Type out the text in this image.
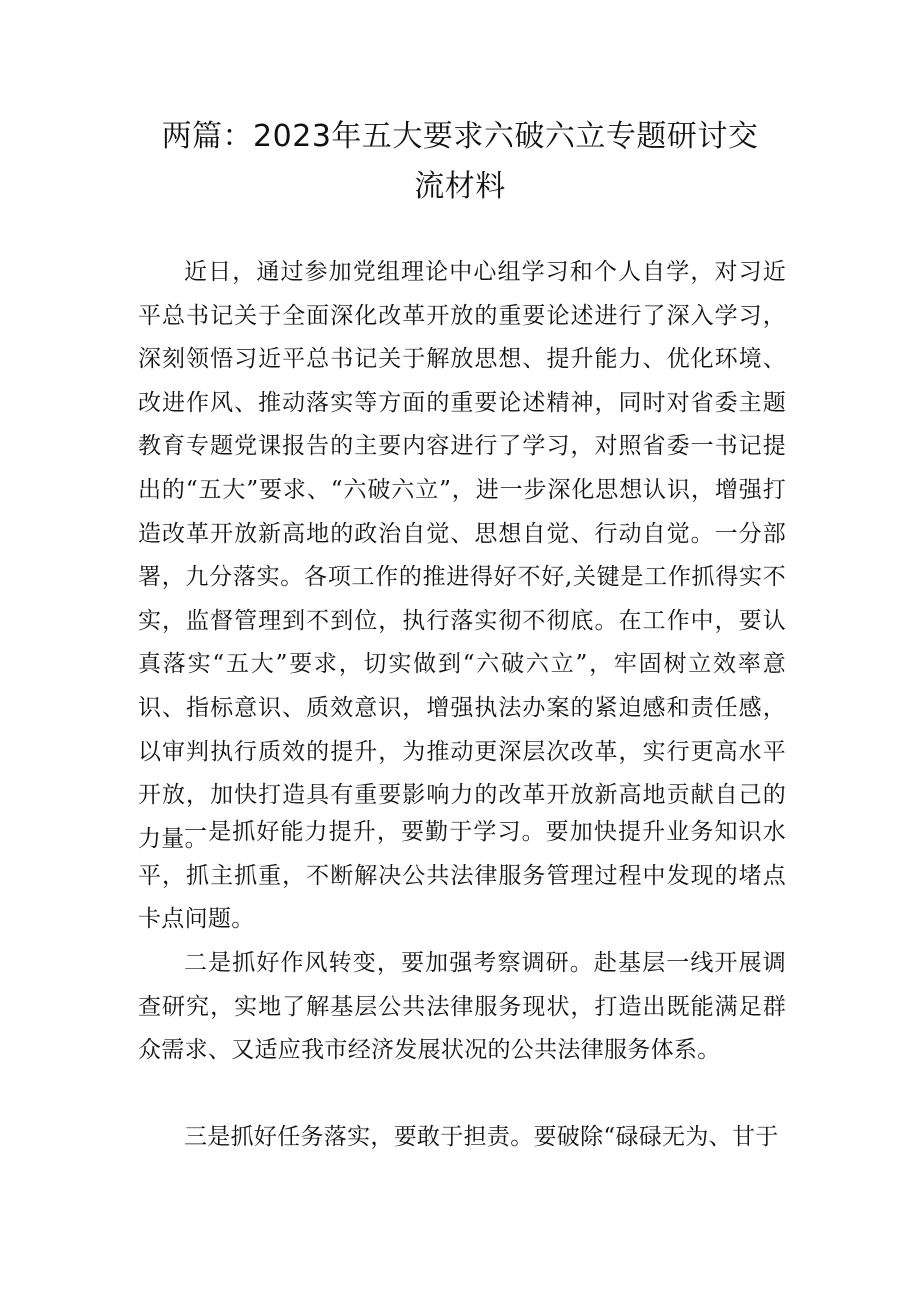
两篇：2023年五大要求六破六立专题研讨交
流材料

近日，通过参加党组理论中心组学习和个人自学，对习近平总书记关于全面深化改革开放的重要论述进行了深入学习，深刻领悟习近平总书记关于解放思想、提升能力、优化环境、改进作风、推动落实等方面的重要论述精神，同时对省委主题教育专题党课报告的主要内容进行了学习，对照省委一书记提出的“五大”要求、“六破六立”，进一步深化思想认识，增强打造改革开放新高地的政治自觉、思想自觉、行动自觉。一分部署，九分落实。各项工作的推进得好不好,关键是工作抓得实不实，监督管理到不到位，执行落实彻不彻底。在工作中，要认真落实“五大”要求，切实做到“六破六立”，牢固树立效率意识、指标意识、质效意识，增强执法办案的紧迫感和责任感，以审判执行质效的提升，为推动更深层次改革，实行更高水平开放，加快打造具有重要影响力的改革开放新高地贡献自己的力量。

一是抓好能力提升，要勤于学习。要加快提升业务知识水平，抓主抓重，不断解决公共法律服务管理过程中发现的堵点卡点问题。

二是抓好作风转变，要加强考察调研。赴基层一线开展调查研究，实地了解基层公共法律服务现状，打造出既能满足群众需求、又适应我市经济发展状况的公共法律服务体系。

三是抓好任务落实，要敢于担责。要破除“碌碌无为、甘于
